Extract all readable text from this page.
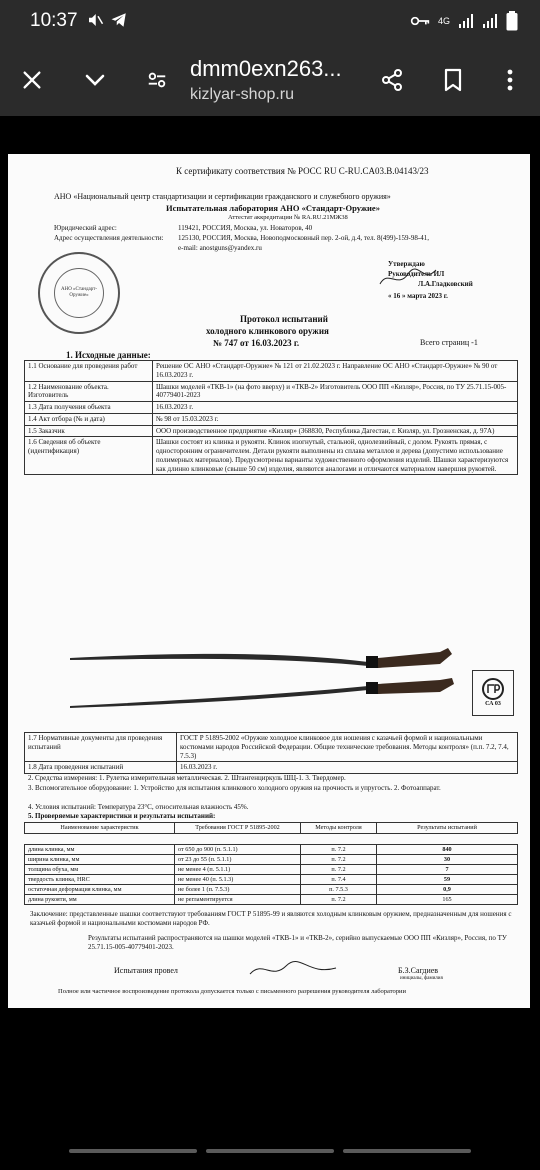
10:37	4G
dmm0exn263...
kizlyar-shop.ru
К сертификату соответствия № РОСС RU C-RU.CA03.B.04143/23
АНО «Национальный центр стандартизации и сертификации гражданского и служебного оружия»
Испытательная лаборатория АНО «Стандарт-Оружие»
Аттестат аккредитации № RA.RU.21МЖ38
Юридический адрес:	119421, РОССИЯ, Москва, ул. Новаторов, 40
Адрес осуществления деятельности: 125130, РОССИЯ, Москва, Новоподмосковный пер. 2-ой, д.4, тел. 8(499)-159-98-41,
e-mail: anostguns@yandex.ru
АНО «Стандарт-Оружие»
Утверждаю
Руководитель ИЛ
Л.А.Гладковский
« 16 » марта 2023 г.
Протокол испытаний
холодного клинкового оружия
№ 747 от 16.03.2023 г.	Всего страниц -1
1. Исходные данные:
1.1 Основание для проведения работ	Решение ОС АНО «Стандарт-Оружие» № 121 от 21.02.2023 г. Направление ОС АНО «Стандарт-Оружие» № 90 от 16.03.2023 г.
1.2 Наименование объекта. Изготовитель	Шашки моделей «ТКВ-1» (на фото вверху) и «ТКВ-2» Изготовитель ООО ПП «Кизляр», Россия, по ТУ 25.71.15-005-40779401-2023
1.3 Дата получения объекта	16.03.2023 г.
1.4 Акт отбора (№ и дата)	№ 98 от 15.03.2023 г.
1.5 Заказчик	ООО производственное предприятие «Кизляр» (368830, Республика Дагестан, г. Кизляр, ул. Грозненская, д. 97А)
1.6 Сведения об объекте (идентификация)	Шашки состоят из клинка и рукояти. Клинок изогнутый, стальной, однолезвийный, с долом. Рукоять прямая, с односторонним ограничителем. Детали рукояти выполнены из сплава металлов и дерева (допустимо использование полимерных материалов). Предусмотрены варианты художественного оформления изделий. Шашки характеризуются как длинно клинковые (свыше 50 см) изделия, являются аналогами и отличаются материалом навершия рукоятей.
СА 03
1.7 Нормативные документы для проведения испытаний	ГОСТ Р 51895-2002 «Оружие холодное клинковое для ношения с казачьей формой и национальными костюмами народов Российской Федерации. Общие технические требования. Методы контроля» (п.п. 7.2, 7.4, 7.5.3)
1.8 Дата проведения испытаний	16.03.2023 г.
2. Средства измерения: 1. Рулетка измерительная металлическая. 2. Штангенциркуль ШЦ-1. 3. Твердомер.
3. Вспомогательное оборудование: 1. Устройство для испытания клинкового холодного оружия на прочность и упругость. 2. Фотоаппарат.
4. Условия испытаний: Температура 23°С, относительная влажность 45%.
5. Проверяемые характеристики и результаты испытаний:
Наименование характеристик	Требования ГОСТ Р 51895-2002	Методы контроля	Результаты испытаний
длина клинка, мм	от 650 до 900 (п. 5.1.1)	п. 7.2	840
ширина клинка, мм	от 23 до 55 (п. 5.1.1)	п. 7.2	30
толщина обуха, мм	не менее 4 (п. 5.1.1)	п. 7.2	7
твердость клинка, HRC	не менее 40 (п. 5.1.3)	п. 7.4	59
остаточная деформация клинка, мм	не более 1 (п. 7.5.3)	п. 7.5.3	0,9
длина рукояти, мм	не регламентируется	п. 7.2	165
Заключение: представленные шашки соответствуют требованиям ГОСТ Р 51895-99 и являются холодным клинковым оружием, предназначенным для ношения с казачьей формой и национальными костюмами народов РФ.
Результаты испытаний распространяются на шашки моделей «ТКВ-1» и «ТКВ-2», серийно выпускаемые ООО ПП «Кизляр», Россия, по ТУ 25.71.15-005-40779401-2023.
Испытания провел	Б.З.Сагдиев
инициалы, фамилия
Полное или частичное воспроизведение протокола допускается только с письменного разрешения руководителя лаборатории
